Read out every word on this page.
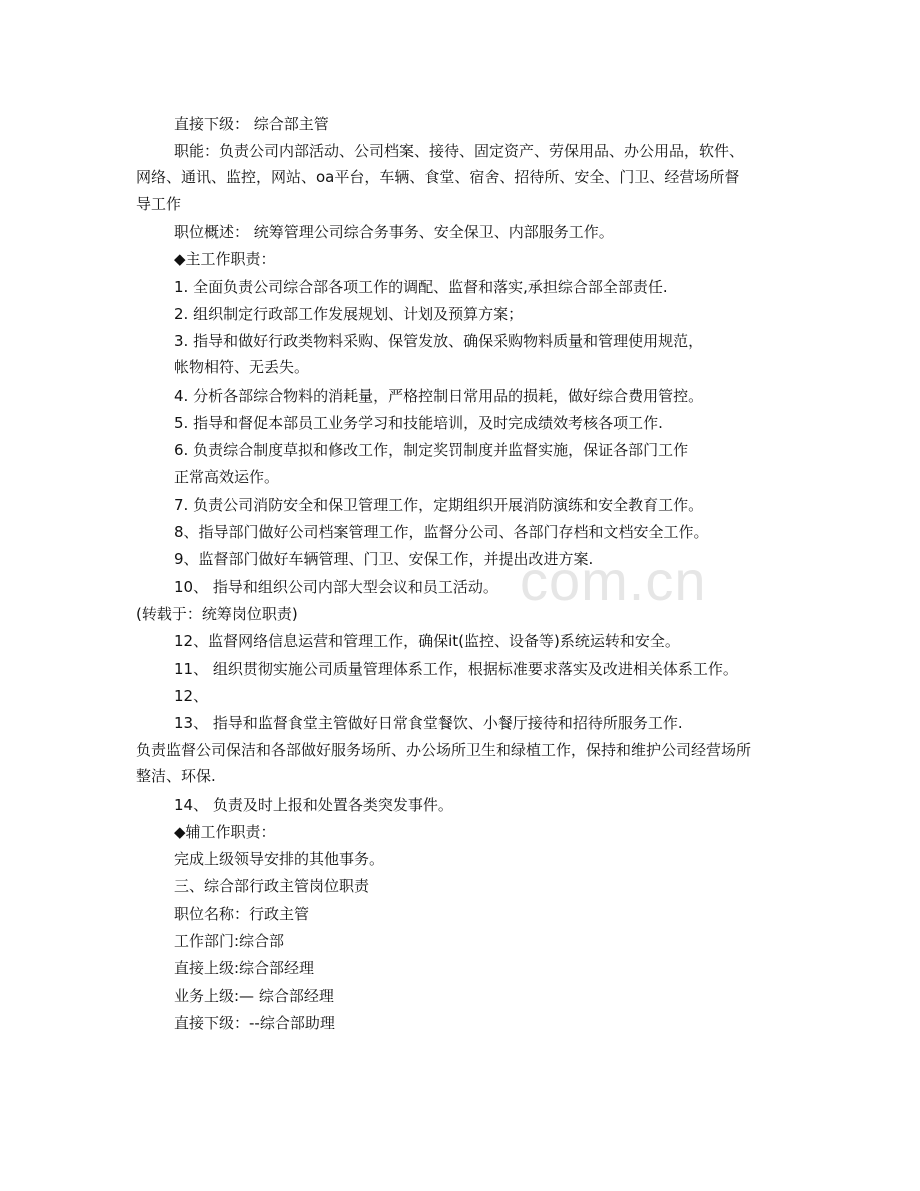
com.cn
直接下级： 综合部主管
职能：负责公司内部活动、公司档案、接待、固定资产、劳保用品、办公用品，软件、
网络、通讯、监控，网站、oa平台，车辆、食堂、宿舍、招待所、安全、门卫、经营场所督
导工作
职位概述： 统筹管理公司综合务事务、安全保卫、内部服务工作。
◆主工作职责：
1. 全面负责公司综合部各项工作的调配、监督和落实,承担综合部全部责任.
2. 组织制定行政部工作发展规划、计划及预算方案；
3. 指导和做好行政类物料采购、保管发放、确保采购物料质量和管理使用规范，
帐物相符、无丢失。
4. 分析各部综合物料的消耗量，严格控制日常用品的损耗，做好综合费用管控。
5. 指导和督促本部员工业务学习和技能培训，及时完成绩效考核各项工作.
6. 负责综合制度草拟和修改工作，制定奖罚制度并监督实施，保证各部门工作
正常高效运作。
7. 负责公司消防安全和保卫管理工作，定期组织开展消防演练和安全教育工作。
8、指导部门做好公司档案管理工作，监督分公司、各部门存档和文档安全工作。
9、监督部门做好车辆管理、门卫、安保工作，并提出改进方案.
10、 指导和组织公司内部大型会议和员工活动。
(转载于：统筹岗位职责)
12、监督网络信息运营和管理工作，确保it(监控、设备等)系统运转和安全。
11、 组织贯彻实施公司质量管理体系工作，根据标准要求落实及改进相关体系工作。
12、
13、 指导和监督食堂主管做好日常食堂餐饮、小餐厅接待和招待所服务工作.
负责监督公司保洁和各部做好服务场所、办公场所卫生和绿植工作，保持和维护公司经营场所
整洁、环保.
14、 负责及时上报和处置各类突发事件。
◆辅工作职责：
完成上级领导安排的其他事务。
三、综合部行政主管岗位职责
职位名称：行政主管
工作部门:综合部
直接上级:综合部经理
业务上级:— 综合部经理
直接下级：--综合部助理
